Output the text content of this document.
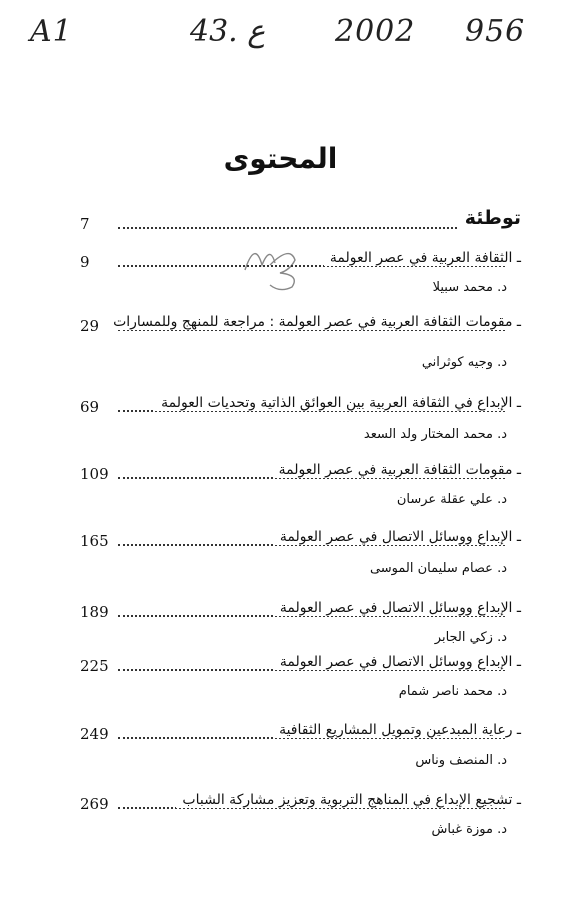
A1	43. ع 2002 956
المحتوى
7	توطئة
9	ـ الثقافة العربية في عصر العولمة
د. محمد سبيلا
29 ـ مقومات الثقافة العربية في عصر العولمة : مراجعة للمنهج وللمسارات
د. وجيه كوثراني
69	ـ الإبداع في الثقافة العربية بين العوائق الذاتية وتحديات العولمة
د. محمد المختار ولد السعد
109	ـ مقومات الثقافة العربية في عصر العولمة
د. علي عقلة عرسان
165	ـ الإبداع ووسائل الاتصال في عصر العولمة
د. عصام سليمان الموسى
189	ـ الإبداع ووسائل الاتصال في عصر العولمة
د. زكي الجابر
225	ـ الإبداع ووسائل الاتصال في عصر العولمة
د. محمد ناصر شمام
249	ـ رعاية المبدعين وتمويل المشاريع الثقافية
د. المنصف وناس
269	ـ تشجيع الإبداع في المناهج التربوية وتعزيز مشاركة الشباب
د. موزة غباش
